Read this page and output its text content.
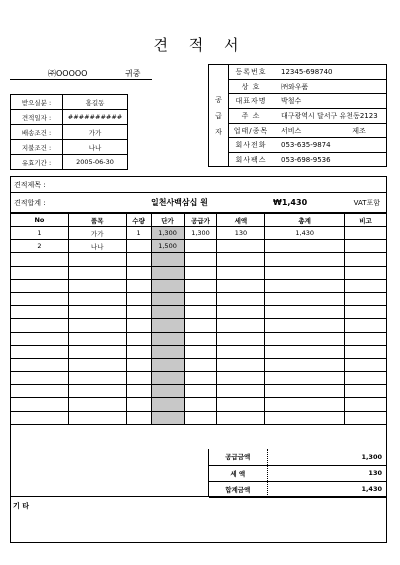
견 적 서
㈜OOOOO	귀중
받으실분 :	홍길동
견적일자 :	##########
배송조건 :	가가
지불조건 :	나나
유효기간 :	2005-06-30
공
급
자
등록번호	12345-698740
상 호	㈜와우품
대표자명	박철수
주 소	대구광역시 달서구 유천동2123
업태/종목	서비스	제조
회사전화	053-635-9874
회사팩스	053-698-9536
견적제목 :
견적합계 :	일천사백삼십 원	₩1,430	VAT포함
No	품목	수량	단가	공급가	세액	총계	비고
1	가가	1	1,300	1,300	130	1,430	
2	나나		1,500				

공급금액	1,300
세 액	130
합계금액	1,430
기 타
